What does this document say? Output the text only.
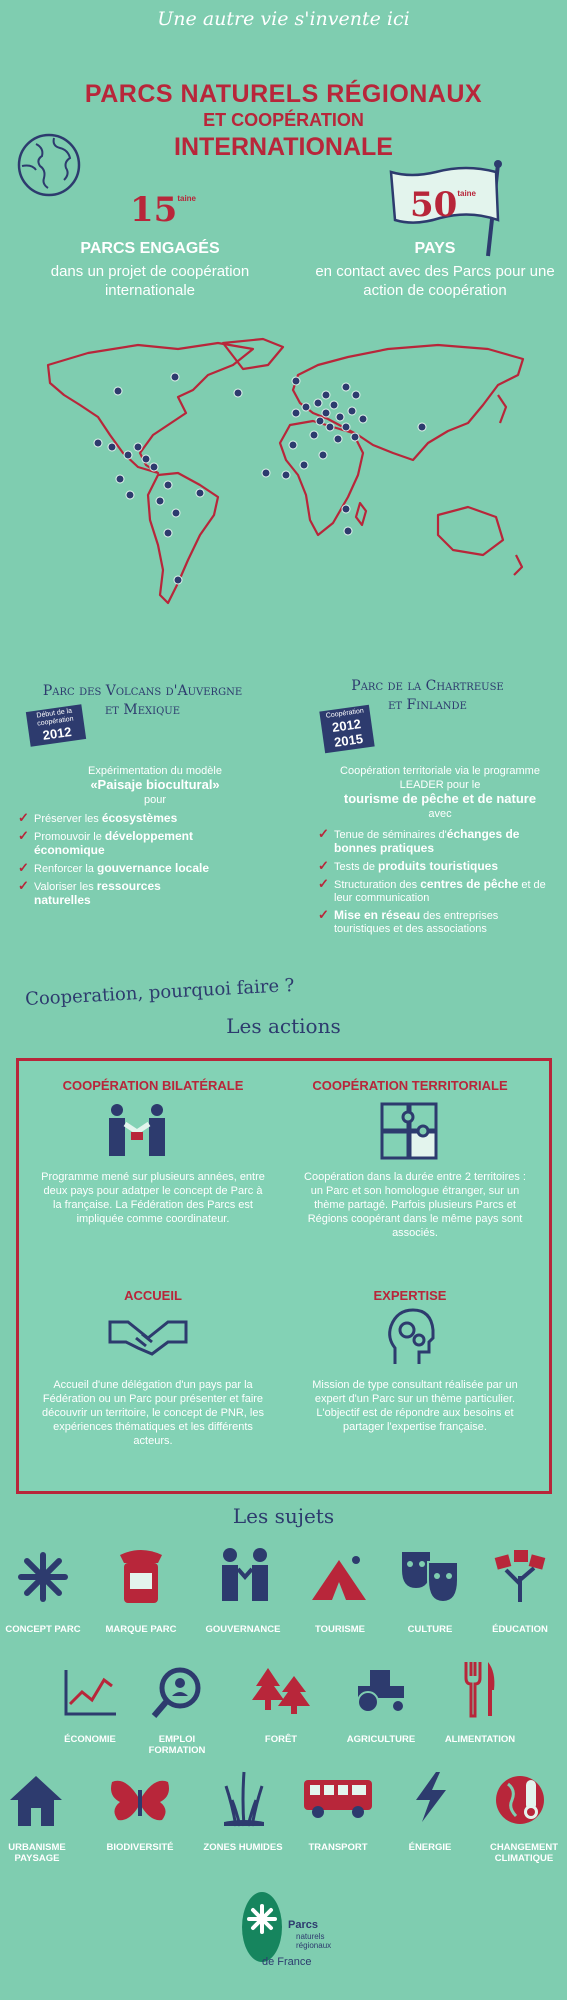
Une autre vie s'invente ici
PARCS NATURELS RÉGIONAUX
ET COOPÉRATION
INTERNATIONALE
$15^{taine}$	$50^{taine}$
PARCS ENGAGÉS
dans un projet de coopération internationale
PAYS
en contact avec des Parcs pour une action de coopération
Parc des Volcans d'Auvergne
et Mexique
Début de la coopération
2012
Expérimentation du modèle
«Paisaje biocultural»
pour
✓ Préserver les écosystèmes
✓ Promouvoir le développement économique
✓ Renforcer la gouvernance locale
✓ Valoriser les ressources naturelles
Parc de la Chartreuse
et Finlande
Coopération
2012
2015
Coopération territoriale via le programme LEADER pour le
tourisme de pêche et de nature
avec
✓ Tenue de séminaires d'échanges de bonnes pratiques
✓ Tests de produits touristiques
✓ Structuration des centres de pêche et de leur communication
✓ Mise en réseau des entreprises touristiques et des associations
Cooperation, pourquoi faire ?
Les actions
COOPÉRATION BILATÉRALE
Programme mené sur plusieurs années, entre deux pays pour adatper le concept de Parc à la française. La Fédération des Parcs est impliquée comme coordinateur.
COOPÉRATION TERRITORIALE
Coopération dans la durée entre 2 territoires : un Parc et son homologue étranger, sur un thème partagé. Parfois plusieurs Parcs et Régions coopérant dans le même pays sont associés.
ACCUEIL
Accueil d'une délégation d'un pays par la Fédération ou un Parc pour présenter et faire découvrir un territoire, le concept de PNR, les expériences thématiques et les différents acteurs.
EXPERTISE
Mission de type consultant réalisée par un expert d'un Parc sur un thème particulier. L'objectif est de répondre aux besoins et partager l'expertise française.
Les sujets
CONCEPT PARC	MARQUE PARC	GOUVERNANCE	TOURISME	CULTURE	ÉDUCATION
ÉCONOMIE	EMPLOI FORMATION
FORÊT	AGRICULTURE	ALIMENTATION
URBANISME PAYSAGE
BIODIVERSITÉ	ZONES HUMIDES	TRANSPORT	ÉNERGIE	CHANGEMENT CLIMATIQUE
Parcs
naturels
régionaux
de France
